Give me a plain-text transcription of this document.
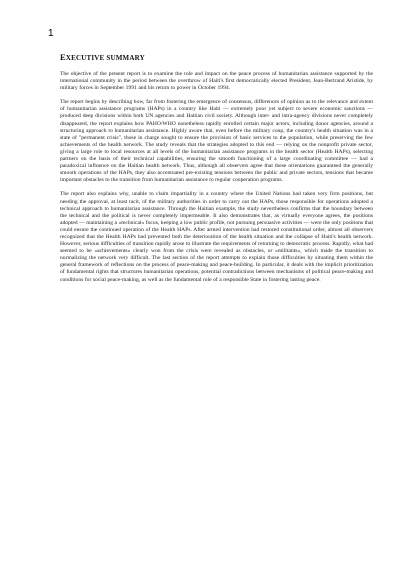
1
EXECUTIVE SUMMARY

The objective of the present report is to examine the role and impact on the peace process of humanitarian assistance supported by the international community in the period between the overthrow of Haiti's first democratically elected President, Jean-Bertrand Aristide, by military forces in September 1991 and his return to power in October 1994.

The report begins by describing how, far from fostering the emergence of consensus, differences of opinion as to the relevance and extent of humanitarian assistance programs (HAPs) in a country like Haiti — extremely poor yet subject to severe economic sanctions — produced deep divisions within both UN agencies and Haitian civil society. Although inter- and intra-agency divisions never completely disappeared, the report explains how PAHO/WHO nonetheless rapidly enrolled certain major actors, including donor agencies, around a structuring approach to humanitarian assistance. Highly aware that, even before the military coup, the country's health situation was in a state of "permanent crisis", those in charge sought to ensure the provision of basic services to the population, while preserving the few achievements of the health network. The study reveals that the strategies adopted to this end — relying on the nonprofit private sector, giving a large role to local resources at all levels of the humanitarian assistance programs in the health sector (Health HAPs), selecting partners on the basis of their technical capabilities, ensuring the smooth functioning of a large coordinating committee — had a paradoxical influence on the Haitian health network. Thus, although all observers agree that these orientations guaranteed the generally smooth operations of the HAPs, they also accentuated pre-existing tensions between the public and private sectors, tensions that became important obstacles to the transition from humanitarian assistance to regular cooperation programs.

The report also explains why, unable to claim impartiality in a country where the United Nations had taken very firm positions, but needing the approval, at least tacit, of the military authorities in order to carry out the HAPs, those responsible for operations adopted a technical approach to humanitarian assistance. Through the Haitian example, the study nevertheless confirms that the boundary between the technical and the political is never completely impermeable. It also demonstrates that, as virtually everyone agrees, the positions adopted — maintaining a «technical» focus, keeping a low public profile, not pursuing persuasive activities — were the only positions that could ensure the continued operation of the Health HAPs. After armed intervention had restored constitutional order, almost all observers recognized that the Health HAPs had prevented both the deterioration of the health situation and the collapse of Haiti's health network. However, serious difficulties of transition rapidly arose to illustrate the requirements of returning to democratic process. Rapidly, what had seemed to be «achievements» clearly won from the crisis were revealed as obstacles, or «militants», which made the transition to normalizing the network very difficult. The last section of the report attempts to explain those difficulties by situating them within the general framework of reflections on the process of peace-making and peace-building. In particular, it deals with the implicit prioritization of fundamental rights that structures humanitarian operations, potential contradictions between mechanisms of political peace-making and conditions for social peace-making, as well as the fundamental role of a responsible State in fostering lasting peace.
